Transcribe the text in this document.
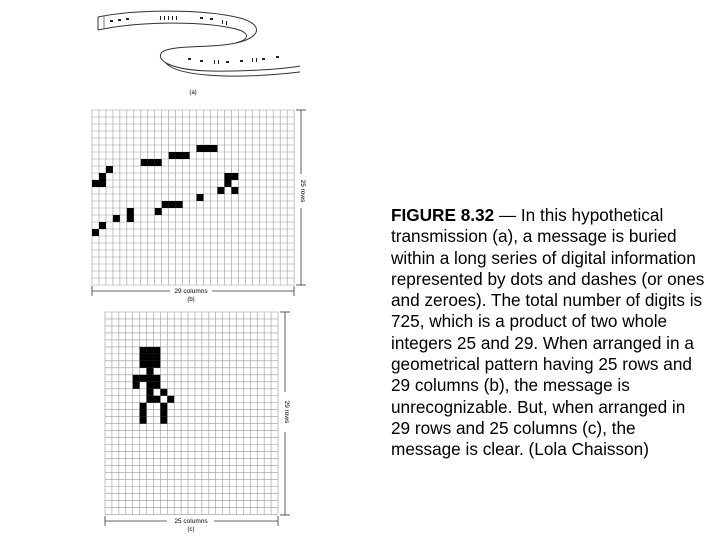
(a)
29 columns
(b)
25 rows
25 columns
(c)
29 rows
FIGURE 8.32 — In this hypothetical transmission (a), a message is buried within a long series of digital information represented by dots and dashes (or ones and zeroes). The total number of digits is 725, which is a product of two whole integers 25 and 29. When arranged in a geometrical pattern having 25 rows and 29 columns (b), the message is unrecognizable. But, when arranged in 29 rows and 25 columns (c), the message is clear. (Lola Chaisson)
